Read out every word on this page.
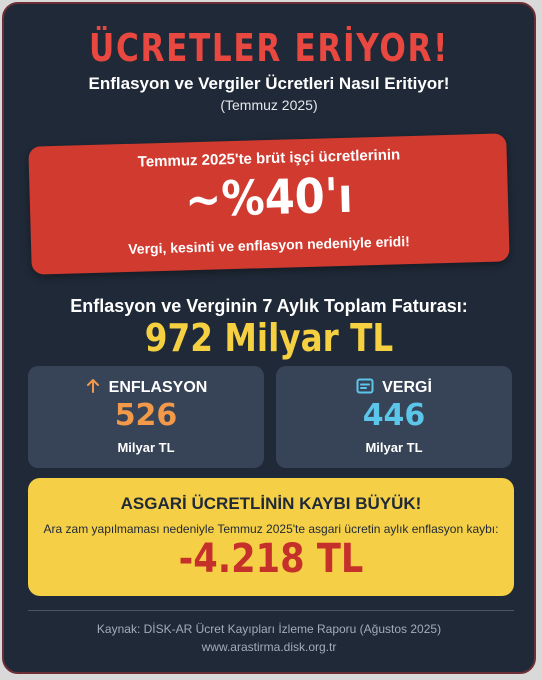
ÜCRETLER ERİYOR!
Enflasyon ve Vergiler Ücretleri Nasıl Eritiyor!
(Temmuz 2025)
Temmuz 2025'te brüt işçi ücretlerinin
~%40'ı
Vergi, kesinti ve enflasyon nedeniyle eridi!
Enflasyon ve Verginin 7 Aylık Toplam Faturası:
972 Milyar TL
ENFLASYON
526
Milyar TL
VERGİ
446
Milyar TL
ASGARİ ÜCRETLİNİN KAYBI BÜYÜK!
Ara zam yapılmaması nedeniyle Temmuz 2025'te asgari ücretin aylık enflasyon kaybı:
-4.218 TL
Kaynak: DİSK-AR Ücret Kayıpları İzleme Raporu (Ağustos 2025)
www.arastirma.disk.org.tr
